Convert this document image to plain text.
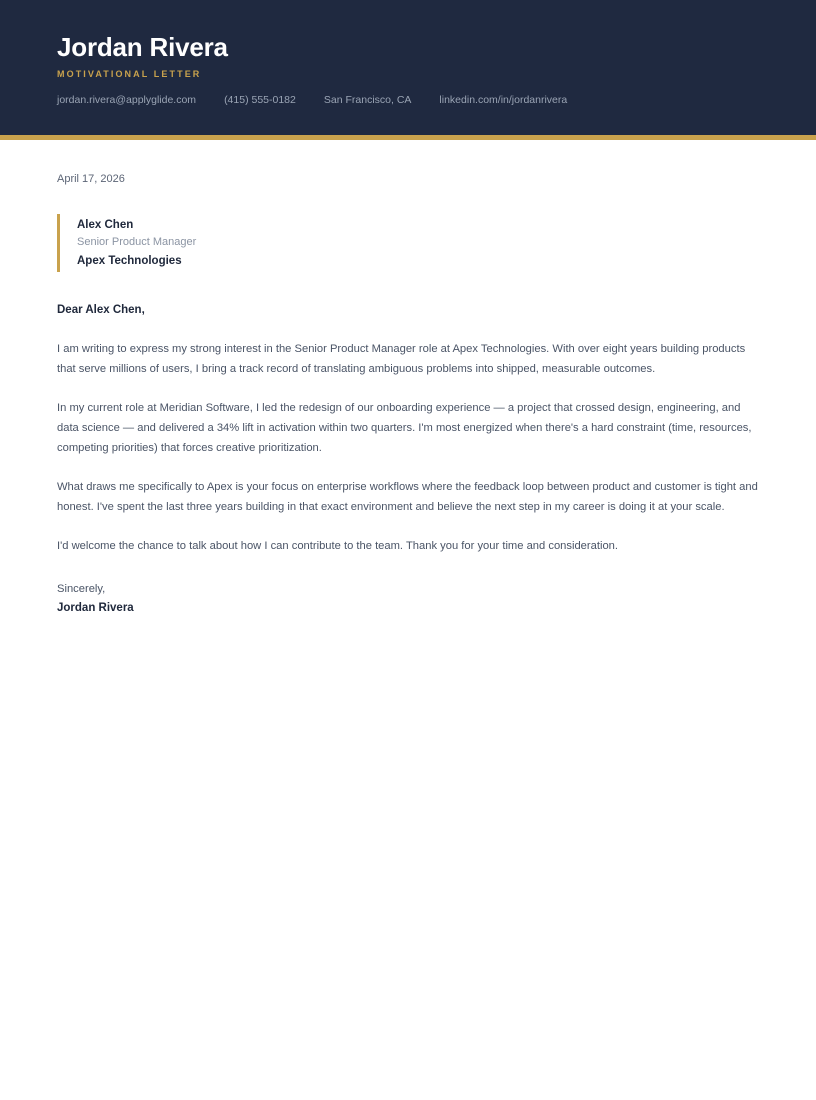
Jordan Rivera
MOTIVATIONAL LETTER
jordan.rivera@applyglide.com	(415) 555-0182	San Francisco, CA	linkedin.com/in/jordanrivera
April 17, 2026
Alex Chen
Senior Product Manager
Apex Technologies

Dear Alex Chen,

I am writing to express my strong interest in the Senior Product Manager role at Apex Technologies. With over eight years building products that serve millions of users, I bring a track record of translating ambiguous problems into shipped, measurable outcomes.

In my current role at Meridian Software, I led the redesign of our onboarding experience — a project that crossed design, engineering, and data science — and delivered a 34% lift in activation within two quarters. I'm most energized when there's a hard constraint (time, resources, competing priorities) that forces creative prioritization.

What draws me specifically to Apex is your focus on enterprise workflows where the feedback loop between product and customer is tight and honest. I've spent the last three years building in that exact environment and believe the next step in my career is doing it at your scale.

I'd welcome the chance to talk about how I can contribute to the team. Thank you for your time and consideration.

Sincerely,

Jordan Rivera
